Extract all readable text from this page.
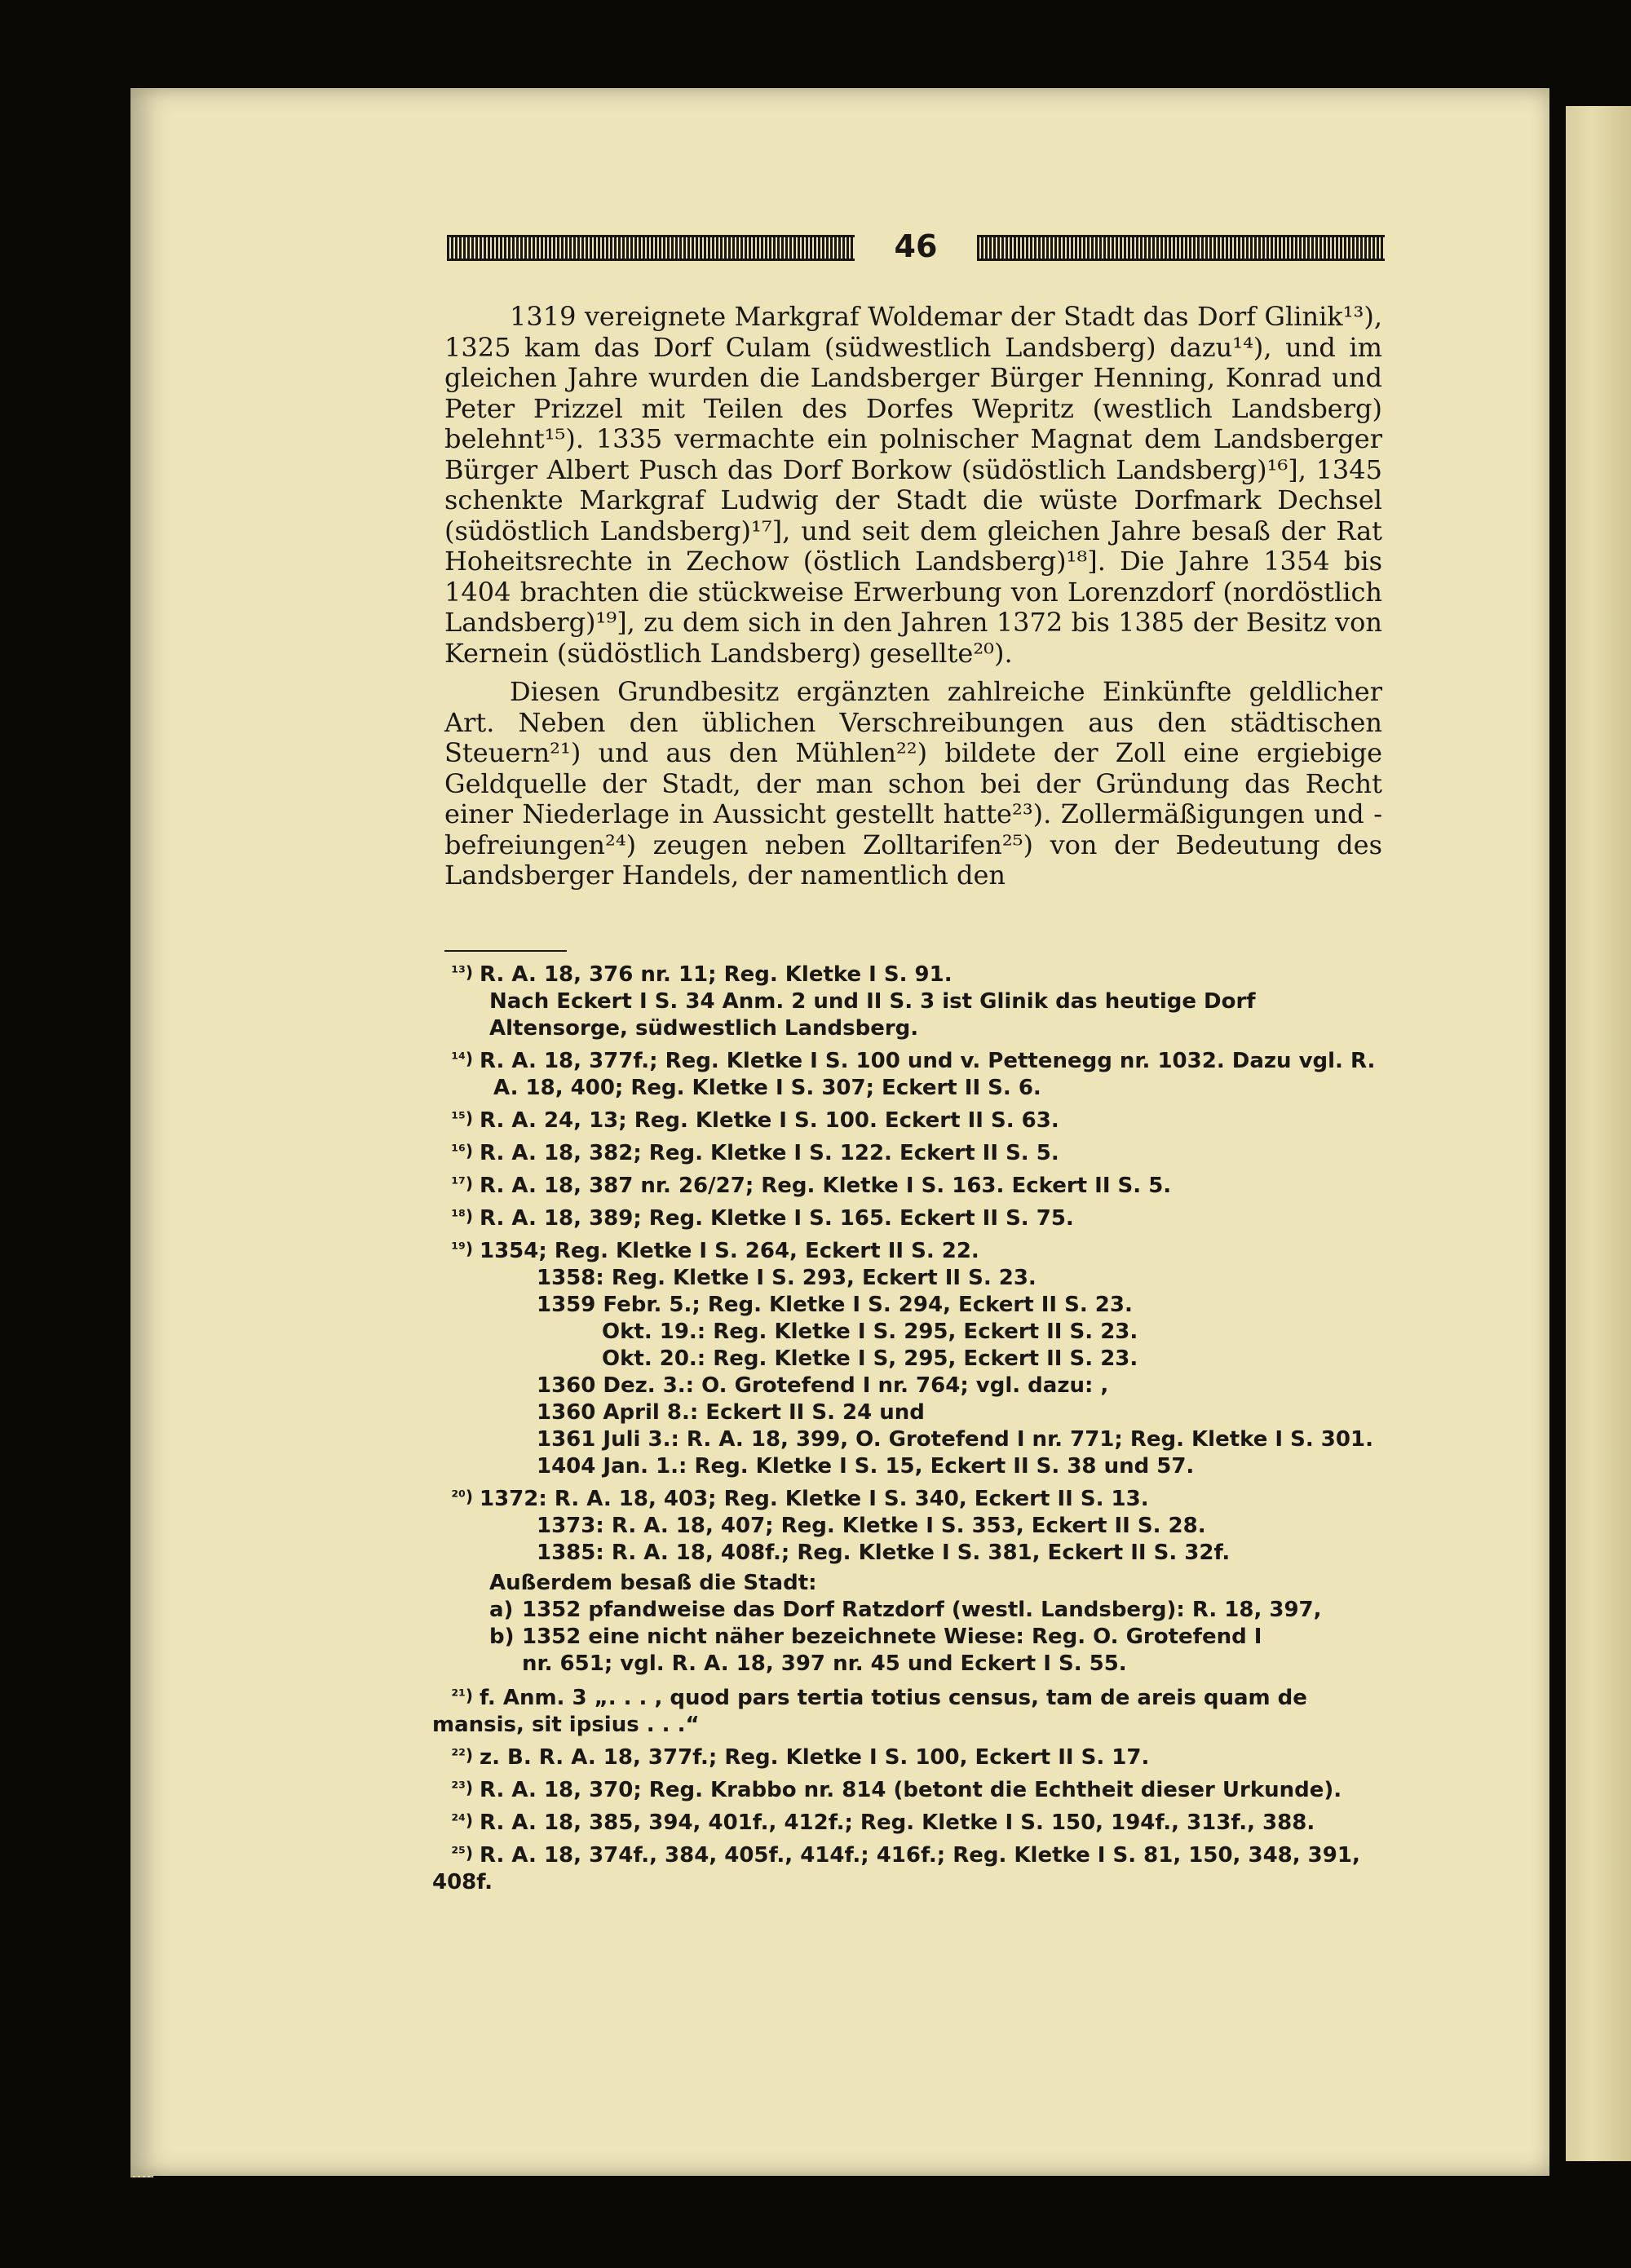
46

1319 vereignete Markgraf Woldemar der Stadt das Dorf Glinik¹³), 1325 kam das Dorf Culam (südwestlich Landsberg) dazu¹⁴), und im gleichen Jahre wurden die Landsberger Bürger Henning, Konrad und Peter Prizzel mit Teilen des Dorfes Wepritz (westlich Landsberg) belehnt¹⁵). 1335 vermachte ein polnischer Magnat dem Landsberger Bürger Albert Pusch das Dorf Borkow (südöstlich Landsberg)¹⁶], 1345 schenkte Markgraf Ludwig der Stadt die wüste Dorfmark Dechsel (südöstlich Landsberg)¹⁷], und seit dem gleichen Jahre besaß der Rat Hoheitsrechte in Zechow (östlich Landsberg)¹⁸]. Die Jahre 1354 bis 1404 brachten die stückweise Erwerbung von Lorenzdorf (nordöstlich Landsberg)¹⁹], zu dem sich in den Jahren 1372 bis 1385 der Besitz von Kernein (südöstlich Landsberg) gesellte²⁰).

Diesen Grundbesitz ergänzten zahlreiche Einkünfte geldlicher Art. Neben den üblichen Verschreibungen aus den städtischen Steuern²¹) und aus den Mühlen²²) bildete der Zoll eine ergiebige Geldquelle der Stadt, der man schon bei der Gründung das Recht einer Niederlage in Aussicht gestellt hatte²³). Zollermäßigungen und -befreiungen²⁴) zeugen neben Zolltarifen²⁵) von der Bedeutung des Landsberger Handels, der namentlich den

¹³) R. A. 18, 376 nr. 11; Reg. Kletke I S. 91.
Nach Eckert I S. 34 Anm. 2 und II S. 3 ist Glinik das heutige Dorf Altensorge, südwestlich Landsberg.
¹⁴) R. A. 18, 377f.; Reg. Kletke I S. 100 und v. Pettenegg nr. 1032. Dazu vgl. R. A. 18, 400; Reg. Kletke I S. 307; Eckert II S. 6.
¹⁵) R. A. 24, 13; Reg. Kletke I S. 100. Eckert II S. 63.
¹⁶) R. A. 18, 382; Reg. Kletke I S. 122. Eckert II S. 5.
¹⁷) R. A. 18, 387 nr. 26/27; Reg. Kletke I S. 163. Eckert II S. 5.
¹⁸) R. A. 18, 389; Reg. Kletke I S. 165. Eckert II S. 75.
¹⁹) 1354; Reg. Kletke I S. 264, Eckert II S. 22.
1358: Reg. Kletke I S. 293, Eckert II S. 23.
1359 Febr. 5.; Reg. Kletke I S. 294, Eckert II S. 23.
Okt. 19.: Reg. Kletke I S. 295, Eckert II S. 23.
Okt. 20.: Reg. Kletke I S, 295, Eckert II S. 23.
1360 Dez. 3.: O. Grotefend I nr. 764; vgl. dazu: ,
1360 April 8.: Eckert II S. 24 und
1361 Juli 3.: R. A. 18, 399, O. Grotefend I nr. 771; Reg. Kletke I S. 301.
1404 Jan. 1.: Reg. Kletke I S. 15, Eckert II S. 38 und 57.
²⁰) 1372: R. A. 18, 403; Reg. Kletke I S. 340, Eckert II S. 13.
1373: R. A. 18, 407; Reg. Kletke I S. 353, Eckert II S. 28.
1385: R. A. 18, 408f.; Reg. Kletke I S. 381, Eckert II S. 32f.
Außerdem besaß die Stadt:
a) 1352 pfandweise das Dorf Ratzdorf (westl. Landsberg): R. 18, 397,
b) 1352 eine nicht näher bezeichnete Wiese: Reg. O. Grotefend I
nr. 651; vgl. R. A. 18, 397 nr. 45 und Eckert I S. 55.
²¹) f. Anm. 3 „. . . , quod pars tertia totius census, tam de areis quam de mansis, sit ipsius . . .“
²²) z. B. R. A. 18, 377f.; Reg. Kletke I S. 100, Eckert II S. 17.
²³) R. A. 18, 370; Reg. Krabbo nr. 814 (betont die Echtheit dieser Urkunde).
²⁴) R. A. 18, 385, 394, 401f., 412f.; Reg. Kletke I S. 150, 194f., 313f., 388.
²⁵) R. A. 18, 374f., 384, 405f., 414f.; 416f.; Reg. Kletke I S. 81, 150, 348, 391, 408f.
